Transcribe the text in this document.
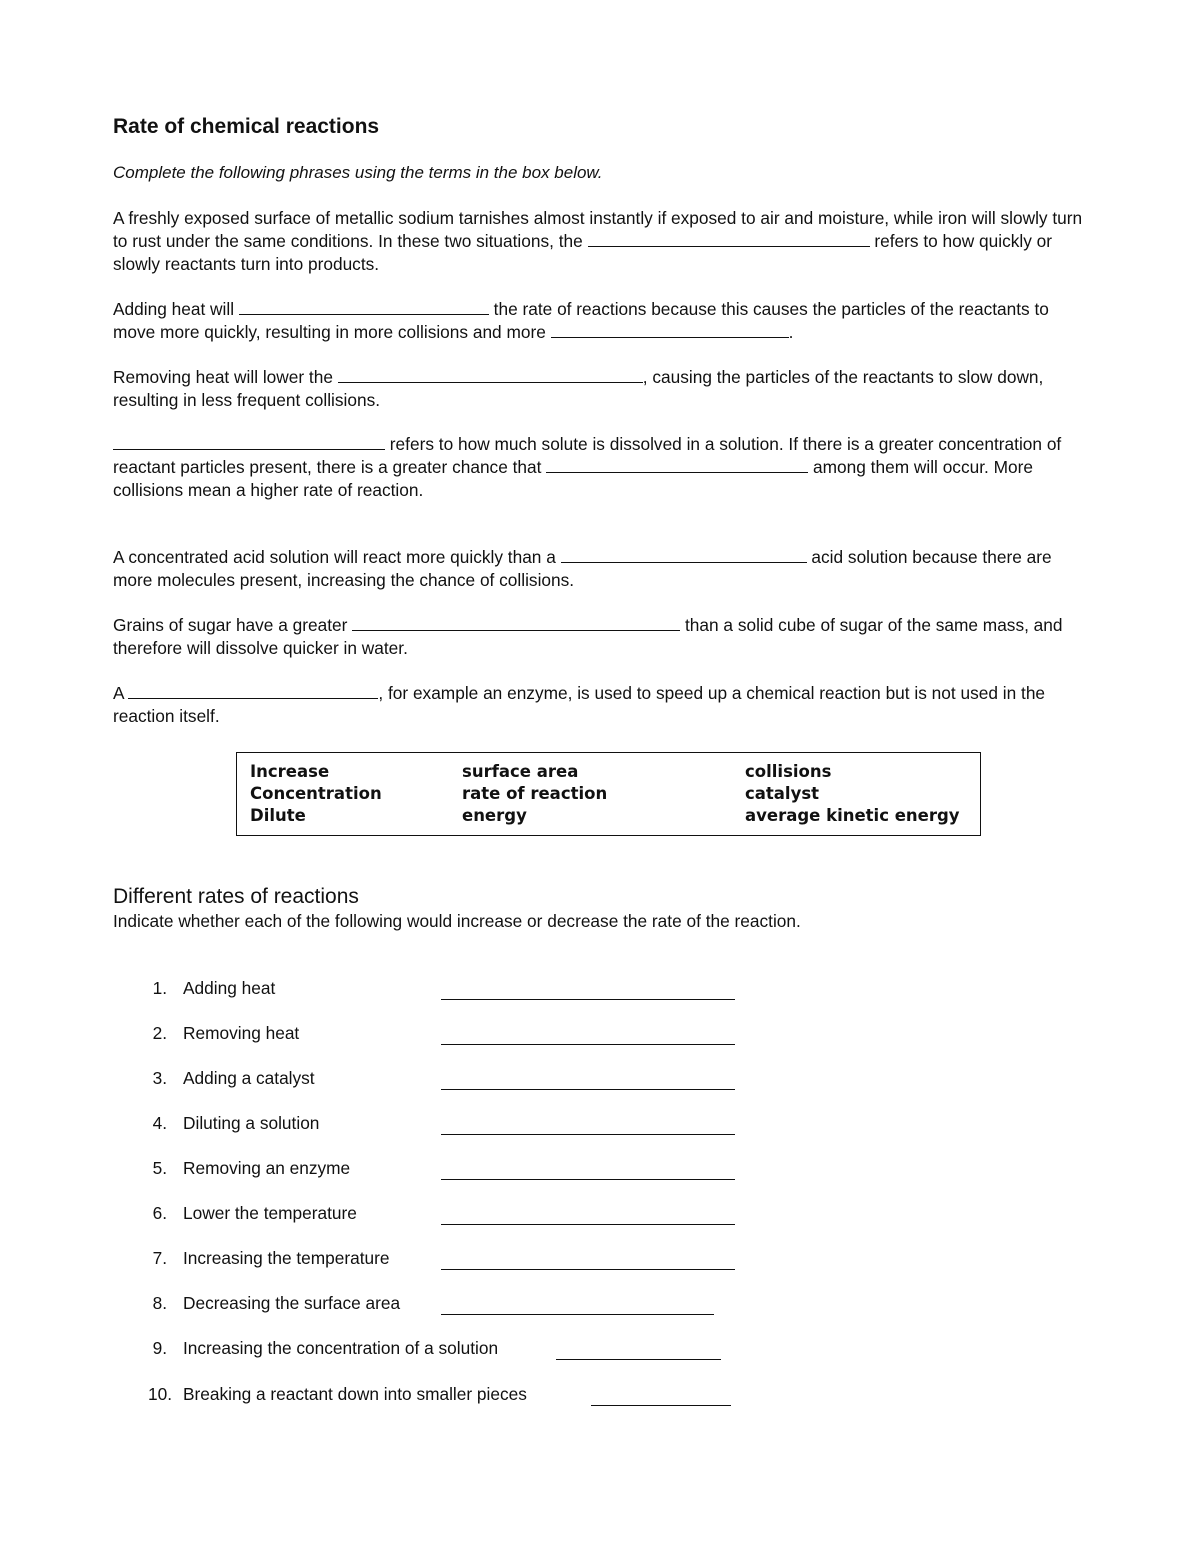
Rate of chemical reactions
Complete the following phrases using the terms in the box below.

A freshly exposed surface of metallic sodium tarnishes almost instantly if exposed to air and moisture, while iron will slowly turn to rust under the same conditions. In these two situations, the	refers to how quickly or slowly reactants turn into products.

Adding heat will	the rate of reactions because this causes the particles of the reactants to move more quickly, resulting in more collisions and more	.

Removing heat will lower the	, causing the particles of the reactants to slow down, resulting in less frequent collisions.

refers to how much solute is dissolved in a solution. If there is a greater concentration of reactant particles present, there is a greater chance that	among them will occur. More collisions mean a higher rate of reaction.

A concentrated acid solution will react more quickly than a	acid solution because there are more molecules present, increasing the chance of collisions.

Grains of sugar have a greater	than a solid cube of sugar of the same mass, and therefore will dissolve quicker in water.

A	, for example an enzyme, is used to speed up a chemical reaction but is not used in the reaction itself.

Increase	surface area	collisions
Concentration	rate of reaction	catalyst
Dilute	energy	average kinetic energy
Different rates of reactions
Indicate whether each of the following would increase or decrease the rate of the reaction.
1. Adding heat
2. Removing heat
3. Adding a catalyst
4. Diluting a solution
5. Removing an enzyme
6. Lower the temperature
7. Increasing the temperature
8. Decreasing the surface area
9. Increasing the concentration of a solution
10. Breaking a reactant down into smaller pieces
